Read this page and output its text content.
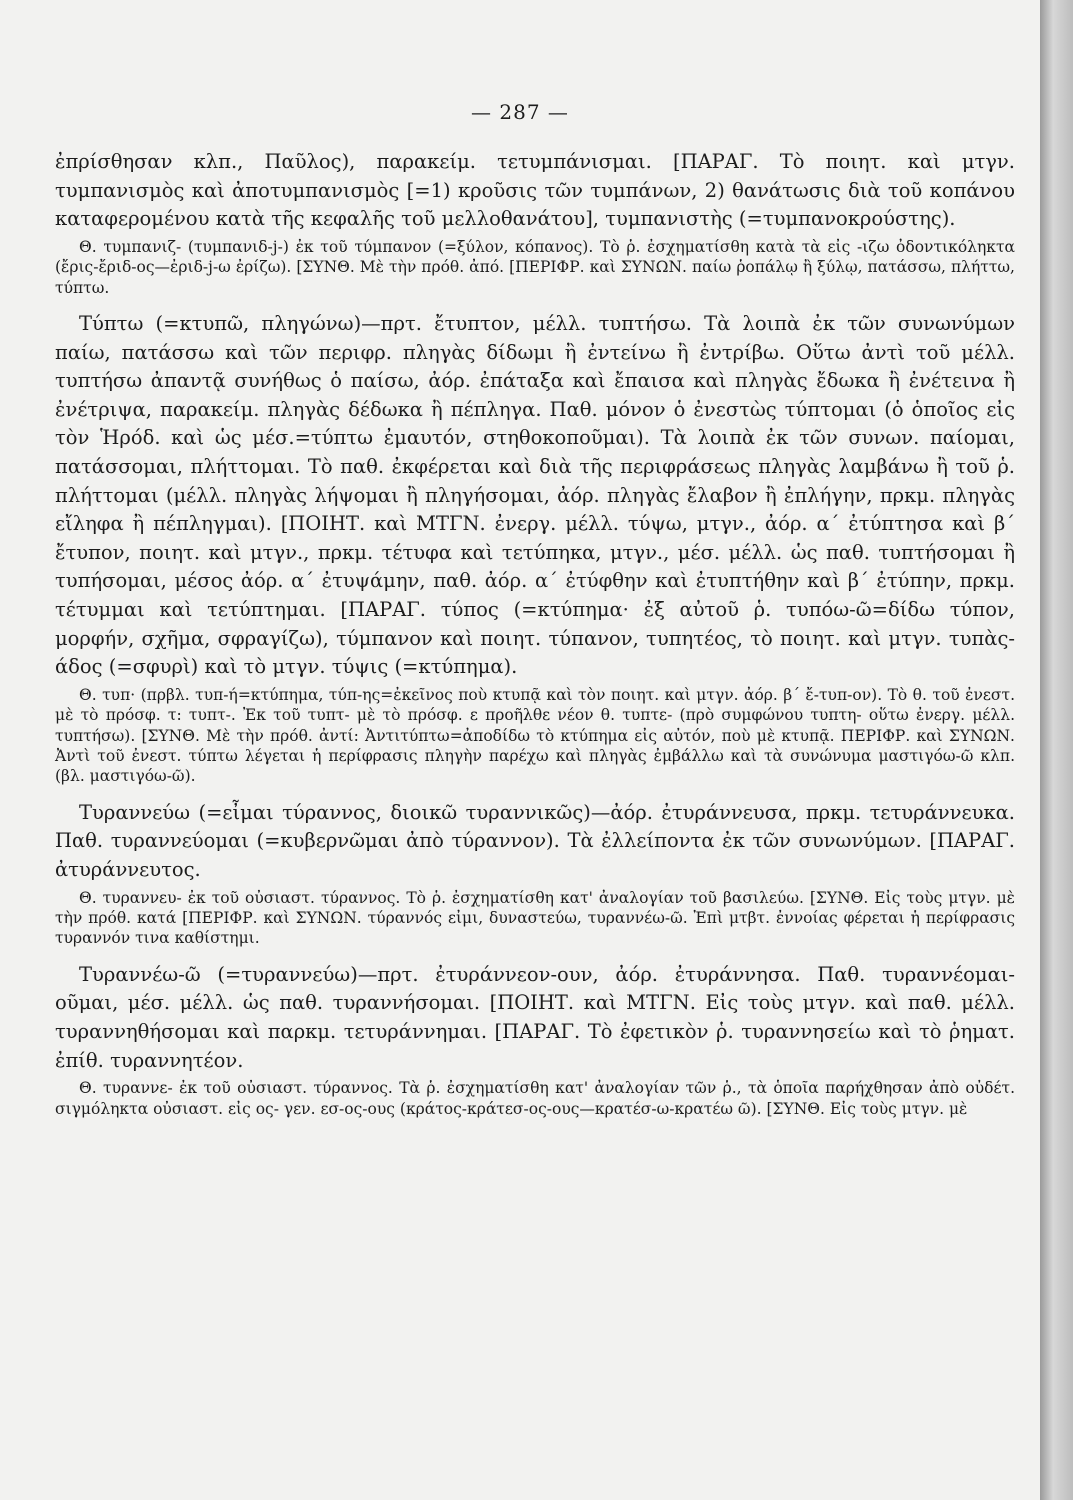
— 287 —

ἐπρίσθησαν κλπ., Παῦλος), παρακείμ. τετυμπάνισμαι. [ΠΑΡΑΓ. Τὸ ποιητ. καὶ μτγν. τυμπανισμὸς καὶ ἀποτυμπανισμὸς [=1) κροῦσις τῶν τυμπάνων, 2) θανάτωσις διὰ τοῦ κοπάνου καταφερομένου κατὰ τῆς κεφαλῆς τοῦ μελλοθανάτου], τυμπανιστὴς (=τυμπανοκρούστης).

Θ. τυμπανιζ- (τυμπανιδ-j-) ἐκ τοῦ τύμπανον (=ξύλον, κόπανος). Τὸ ῥ. ἐσχηματίσθη κατὰ τὰ εἰς -ιζω ὀδοντικόληκτα (ἔρις-ἔριδ-ος—ἐριδ-j-ω ἐρίζω). [ΣΥΝΘ. Μὲ τὴν πρόθ. ἀπό. [ΠΕΡΙΦΡ. καὶ ΣΥΝΩΝ. παίω ῥοπάλῳ ἢ ξύλῳ, πατάσσω, πλήττω, τύπτω.

Τύπτω (=κτυπῶ, πληγώνω)—πρτ. ἔτυπτον, μέλλ. τυπτήσω. Τὰ λοιπὰ ἐκ τῶν συνωνύμων παίω, πατάσσω καὶ τῶν περιφρ. πληγὰς δίδωμι ἢ ἐντείνω ἢ ἐντρίβω. Οὕτω ἀντὶ τοῦ μέλλ. τυπτήσω ἀπαντᾷ συνήθως ὁ παίσω, ἀόρ. ἐπάταξα καὶ ἔπαισα καὶ πληγὰς ἔδωκα ἢ ἐνέτεινα ἢ ἐνέτριψα, παρακείμ. πληγὰς δέδωκα ἢ πέπληγα. Παθ. μόνον ὁ ἐνεστὼς τύπτομαι (ὁ ὁποῖος εἰς τὸν Ἡρόδ. καὶ ὡς μέσ.=τύπτω ἐμαυτόν, στηθοκοποῦμαι). Τὰ λοιπὰ ἐκ τῶν συνων. παίομαι, πατάσσομαι, πλήττομαι. Τὸ παθ. ἐκφέρεται καὶ διὰ τῆς περιφράσεως πληγὰς λαμβάνω ἢ τοῦ ῥ. πλήττομαι (μέλλ. πληγὰς λήψομαι ἢ πληγήσομαι, ἀόρ. πληγὰς ἔλαβον ἢ ἐπλήγην, πρκμ. πληγὰς εἴληφα ἢ πέπληγμαι). [ΠΟΙΗΤ. καὶ ΜΤΓΝ. ἐνεργ. μέλλ. τύψω, μτγν., ἀόρ. α΄ ἐτύπτησα καὶ β΄ ἔτυπον, ποιητ. καὶ μτγν., πρκμ. τέτυφα καὶ τετύπηκα, μτγν., μέσ. μέλλ. ὡς παθ. τυπτήσομαι ἢ τυπήσομαι, μέσος ἀόρ. α΄ ἐτυψάμην, παθ. ἀόρ. α΄ ἐτύφθην καὶ ἐτυπτήθην καὶ β΄ ἐτύπην, πρκμ. τέτυμμαι καὶ τετύπτημαι. [ΠΑΡΑΓ. τύπος (=κτύπημα· ἐξ αὐτοῦ ῥ. τυπόω-ῶ=δίδω τύπον, μορφήν, σχῆμα, σφραγίζω), τύμπανον καὶ ποιητ. τύπανον, τυπητέος, τὸ ποιητ. καὶ μτγν. τυπὰς-άδος (=σφυρὶ) καὶ τὸ μτγν. τύψις (=κτύπημα).

Θ. τυπ· (πρβλ. τυπ-ή=κτύπημα, τύπ-ης=ἐκεῖνος ποὺ κτυπᾷ καὶ τὸν ποιητ. καὶ μτγν. ἀόρ. β΄ ἔ-τυπ-ον). Τὸ θ. τοῦ ἐνεστ. μὲ τὸ πρόσφ. τ: τυπτ-. Ἐκ τοῦ τυπτ- μὲ τὸ πρόσφ. ε προῆλθε νέον θ. τυπτε- (πρὸ συμφώνου τυπτη- οὕτω ἐνεργ. μέλλ. τυπτήσω). [ΣΥΝΘ. Μὲ τὴν πρόθ. ἀντί: Ἀντιτύπτω=ἀποδίδω τὸ κτύπημα εἰς αὐτόν, ποὺ μὲ κτυπᾷ. ΠΕΡΙΦΡ. καὶ ΣΥΝΩΝ. Ἀντὶ τοῦ ἐνεστ. τύπτω λέγεται ἡ περίφρασις πληγὴν παρέχω καὶ πληγὰς ἐμβάλλω καὶ τὰ συνώνυμα μαστιγόω-ῶ κλπ. (βλ. μαστιγόω-ῶ).

Τυραννεύω (=εἶμαι τύραννος, διοικῶ τυραννικῶς)—ἀόρ. ἐτυράννευσα, πρκμ. τετυράννευκα. Παθ. τυραννεύομαι (=κυβερνῶμαι ἀπὸ τύραννον). Τὰ ἐλλείποντα ἐκ τῶν συνωνύμων. [ΠΑΡΑΓ. ἀτυράννευτος.

Θ. τυραννευ- ἐκ τοῦ οὐσιαστ. τύραννος. Τὸ ῥ. ἐσχηματίσθη κατ' ἀναλογίαν τοῦ βασιλεύω. [ΣΥΝΘ. Εἰς τοὺς μτγν. μὲ τὴν πρόθ. κατά [ΠΕΡΙΦΡ. καὶ ΣΥΝΩΝ. τύραννός εἰμι, δυναστεύω, τυραννέω-ῶ. Ἐπὶ μτβτ. ἐννοίας φέρεται ἡ περίφρασις τυραννόν τινα καθίστημι.

Τυραννέω-ῶ (=τυραννεύω)—πρτ. ἐτυράννεον-ουν, ἀόρ. ἐτυράννησα. Παθ. τυραννέομαι-οῦμαι, μέσ. μέλλ. ὡς παθ. τυραννήσομαι. [ΠΟΙΗΤ. καὶ ΜΤΓΝ. Εἰς τοὺς μτγν. καὶ παθ. μέλλ. τυραννηθήσομαι καὶ παρκμ. τετυράννημαι. [ΠΑΡΑΓ. Τὸ ἐφετικὸν ῥ. τυραννησείω καὶ τὸ ῥηματ. ἐπίθ. τυραννητέον.

Θ. τυραννε- ἐκ τοῦ οὐσιαστ. τύραννος. Τὰ ῥ. ἐσχηματίσθη κατ' ἀναλογίαν τῶν ῥ., τὰ ὁποῖα παρήχθησαν ἀπὸ οὐδέτ. σιγμόληκτα οὐσιαστ. εἰς ος- γεν. εσ-ος-ους (κράτος-κράτεσ-ος-ους—κρατέσ-ω-κρατέω ῶ). [ΣΥΝΘ. Εἰς τοὺς μτγν. μὲ
